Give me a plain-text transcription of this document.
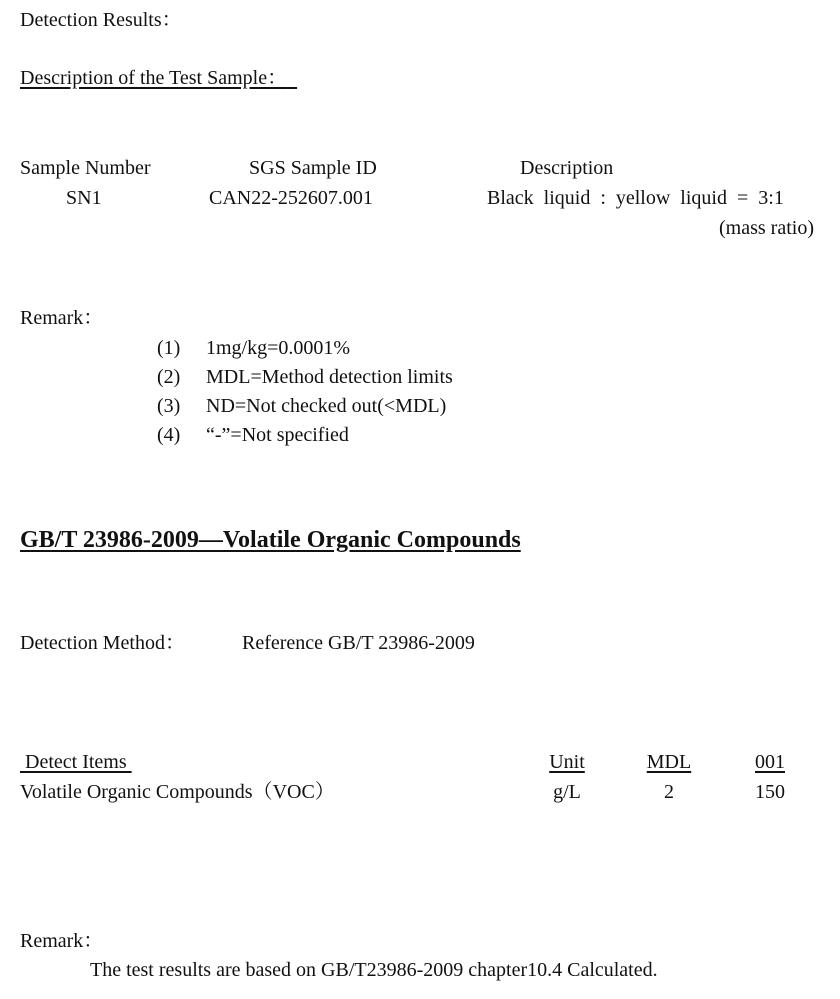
Detection Results：
Description of the Test Sample：
Sample Number	SGS Sample ID	Description
SN1	CAN22-252607.001	Black  liquid  :  yellow  liquid  =  3:1
(mass ratio)
Remark：
(1) 1mg/kg=0.0001%
(2) MDL=Method detection limits
(3) ND=Not checked out(<MDL)
(4) “-”=Not specified
GB/T 23986-2009—Volatile Organic Compounds
Detection Method：	Reference GB/T 23986-2009
Detect Items	Unit	MDL	001
Volatile Organic Compounds（VOC）	g/L	2	150
Remark：
The test results are based on GB/T23986-2009 chapter10.4 Calculated.
